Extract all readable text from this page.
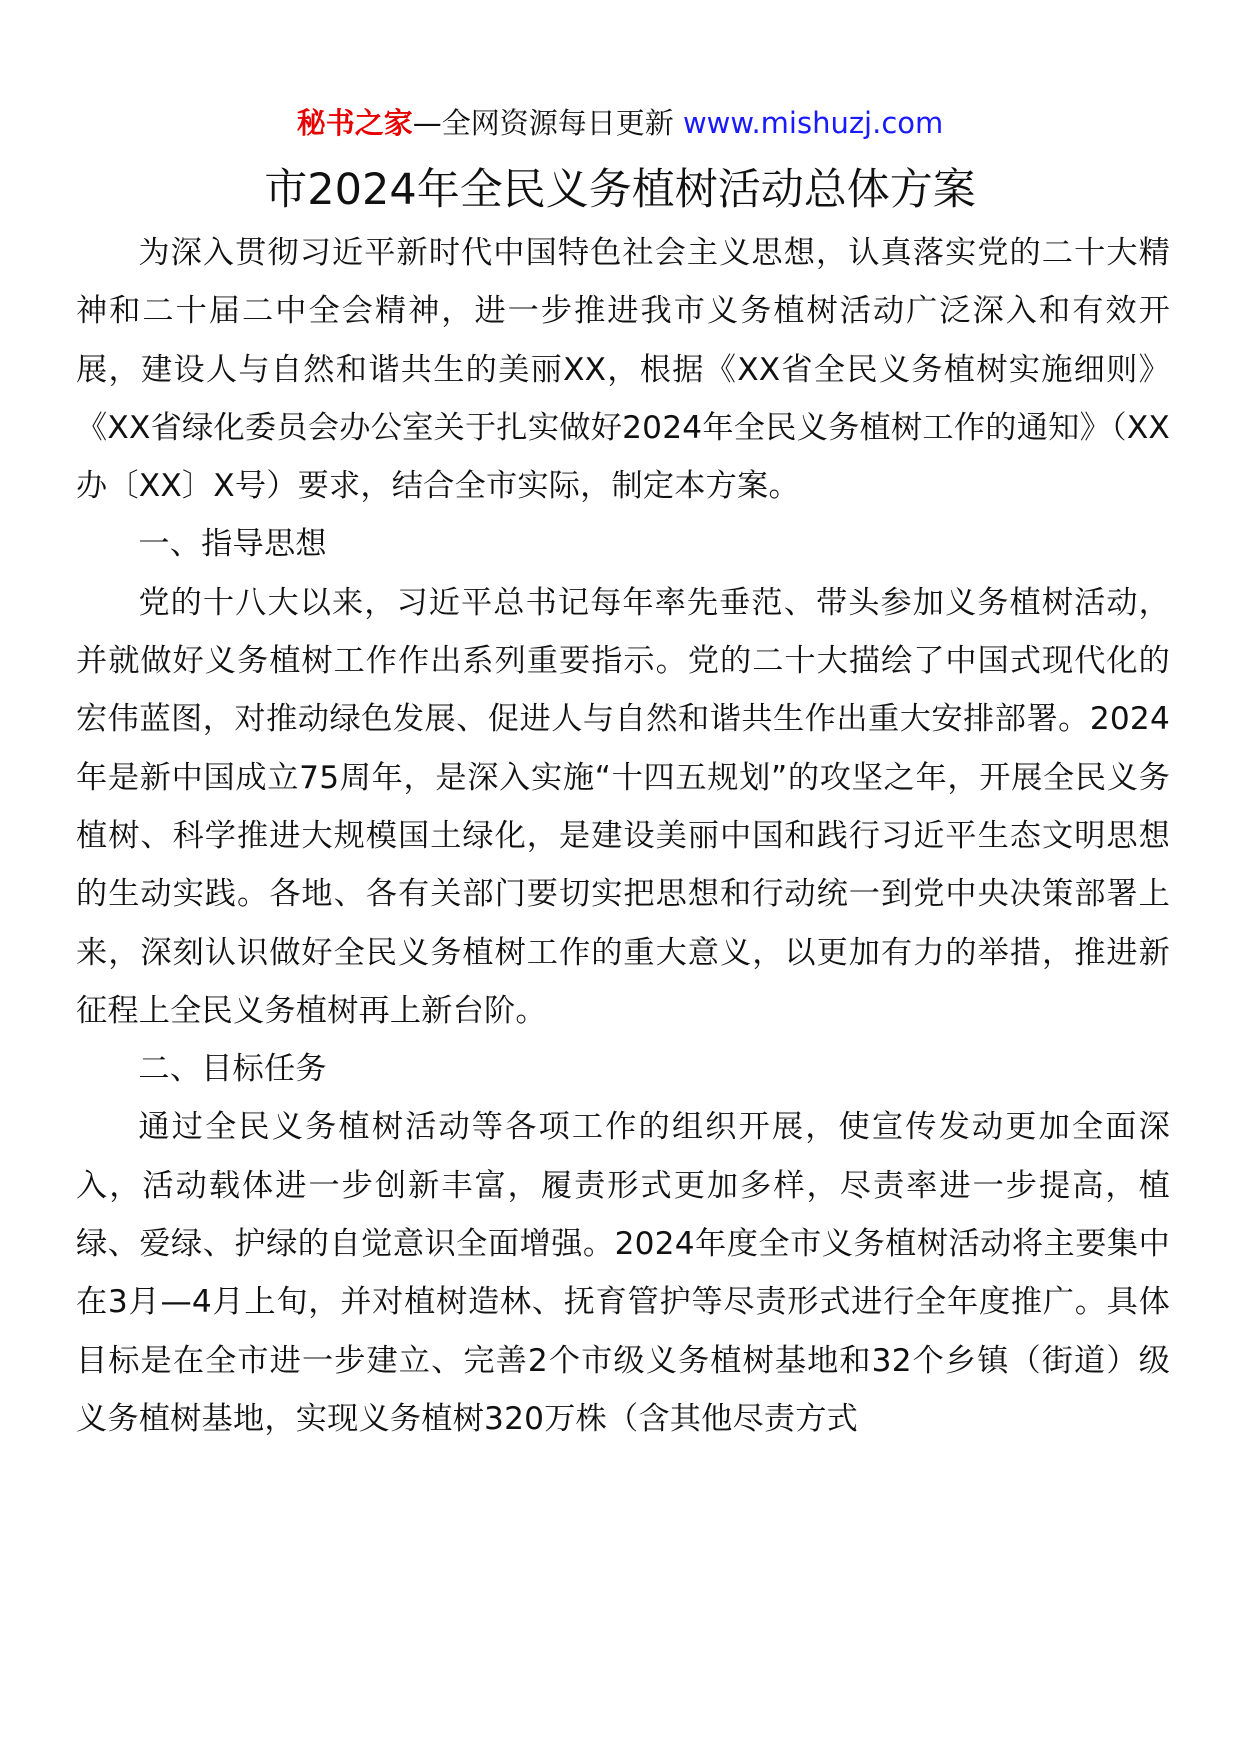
秘书之家—全网资源每日更新 www.mishuzj.com
市2024年全民义务植树活动总体方案

为深入贯彻习近平新时代中国特色社会主义思想，认真落实党的二十大精神和二十届二中全会精神，进一步推进我市义务植树活动广泛深入和有效开展，建设人与自然和谐共生的美丽XX，根据《XX省全民义务植树实施细则》《XX省绿化委员会办公室关于扎实做好2024年全民义务植树工作的通知》（XX办〔XX〕X号）要求，结合全市实际，制定本方案。

一、指导思想

党的十八大以来，习近平总书记每年率先垂范、带头参加义务植树活动，并就做好义务植树工作作出系列重要指示。党的二十大描绘了中国式现代化的宏伟蓝图，对推动绿色发展、促进人与自然和谐共生作出重大安排部署。2024年是新中国成立75周年，是深入实施“十四五规划”的攻坚之年，开展全民义务植树、科学推进大规模国土绿化，是建设美丽中国和践行习近平生态文明思想的生动实践。各地、各有关部门要切实把思想和行动统一到党中央决策部署上来，深刻认识做好全民义务植树工作的重大意义，以更加有力的举措，推进新征程上全民义务植树再上新台阶。

二、目标任务

通过全民义务植树活动等各项工作的组织开展，使宣传发动更加全面深入，活动载体进一步创新丰富，履责形式更加多样，尽责率进一步提高，植绿、爱绿、护绿的自觉意识全面增强。2024年度全市义务植树活动将主要集中在3月—4月上旬，并对植树造林、抚育管护等尽责形式进行全年度推广。具体目标是在全市进一步建立、完善2个市级义务植树基地和32个乡镇（街道）级义务植树基地，实现义务植树320万株（含其他尽责方式
